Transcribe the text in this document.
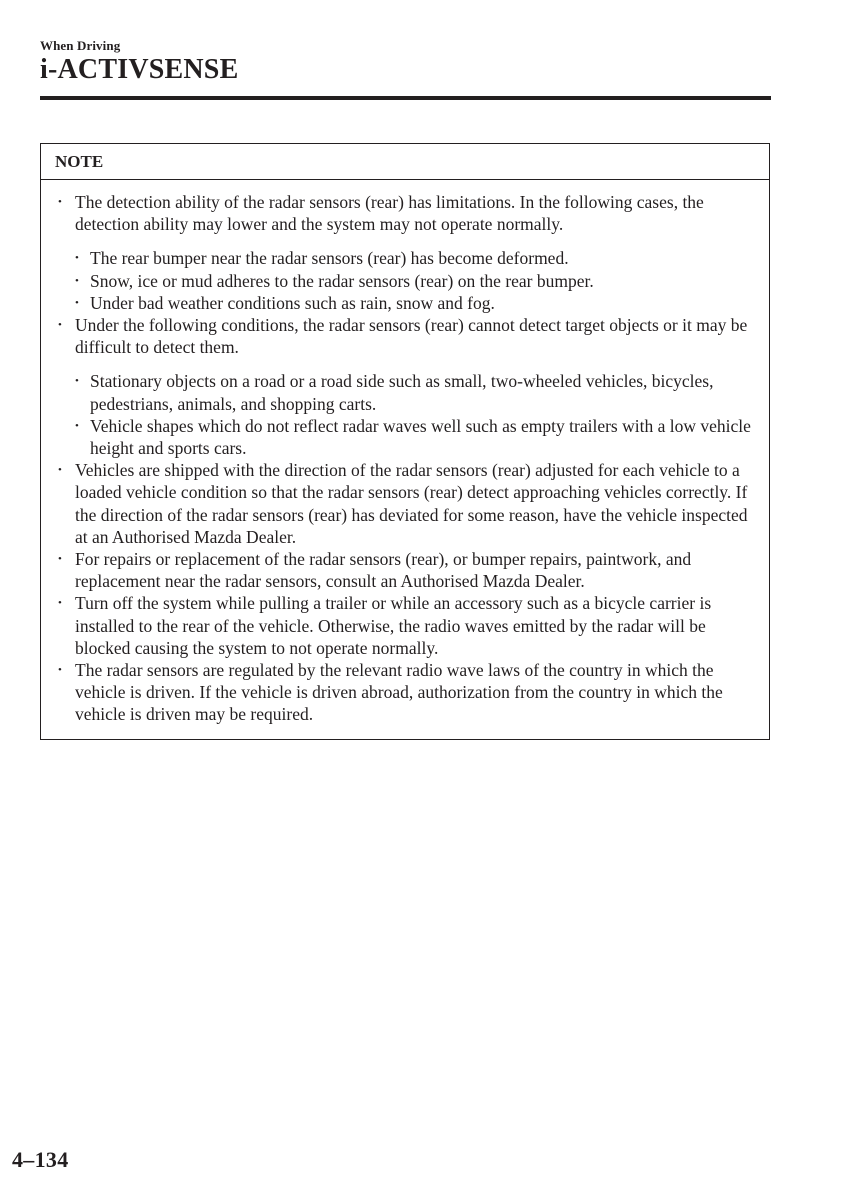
When Driving
i-ACTIVSENSE
NOTE
• The detection ability of the radar sensors (rear) has limitations. In the following cases, the detection ability may lower and the system may not operate normally.
• The rear bumper near the radar sensors (rear) has become deformed.
• Snow, ice or mud adheres to the radar sensors (rear) on the rear bumper.
• Under bad weather conditions such as rain, snow and fog.
• Under the following conditions, the radar sensors (rear) cannot detect target objects or it may be difficult to detect them.
• Stationary objects on a road or a road side such as small, two-wheeled vehicles, bicycles, pedestrians, animals, and shopping carts.
• Vehicle shapes which do not reflect radar waves well such as empty trailers with a low vehicle height and sports cars.
• Vehicles are shipped with the direction of the radar sensors (rear) adjusted for each vehicle to a loaded vehicle condition so that the radar sensors (rear) detect approaching vehicles correctly. If the direction of the radar sensors (rear) has deviated for some reason, have the vehicle inspected at an Authorised Mazda Dealer.
• For repairs or replacement of the radar sensors (rear), or bumper repairs, paintwork, and replacement near the radar sensors, consult an Authorised Mazda Dealer.
• Turn off the system while pulling a trailer or while an accessory such as a bicycle carrier is installed to the rear of the vehicle. Otherwise, the radio waves emitted by the radar will be blocked causing the system to not operate normally.
• The radar sensors are regulated by the relevant radio wave laws of the country in which the vehicle is driven. If the vehicle is driven abroad, authorization from the country in which the vehicle is driven may be required.
4–134
